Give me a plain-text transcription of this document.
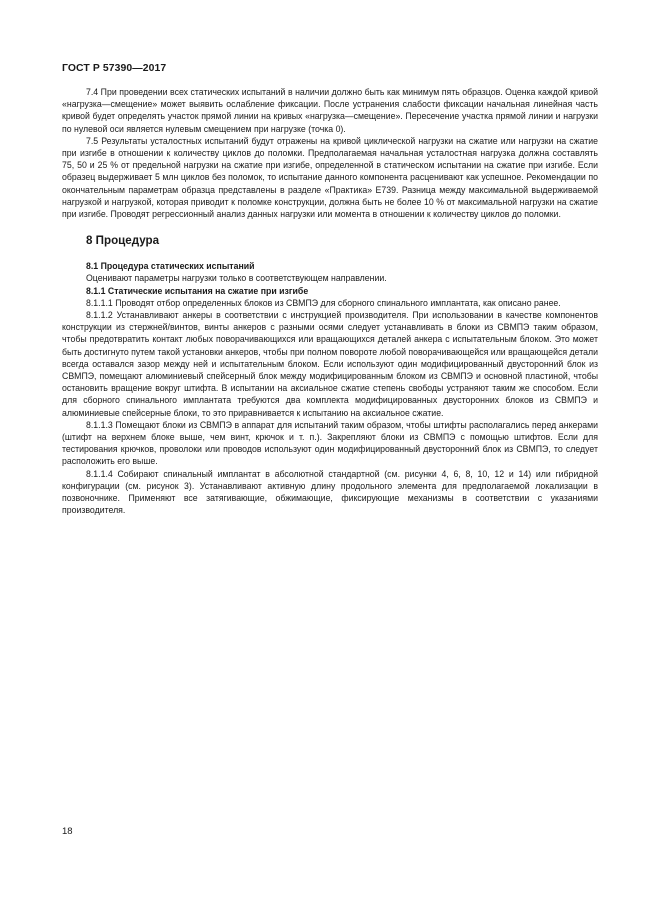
ГОСТ Р 57390—2017

7.4 При проведении всех статических испытаний в наличии должно быть как минимум пять образцов. Оценка каждой кривой «нагрузка—смещение» может выявить ослабление фиксации. После устранения слабости фиксации начальная линейная часть кривой будет определять участок прямой линии на кривых «нагрузка—смещение». Пересечение участка прямой линии и нагрузки по нулевой оси является нулевым смещением при нагрузке (точка 0).

7.5 Результаты усталостных испытаний будут отражены на кривой циклической нагрузки на сжатие или нагрузки на сжатие при изгибе в отношении к количеству циклов до поломки. Предполагаемая начальная усталостная нагрузка должна составлять 75, 50 и 25 % от предельной нагрузки на сжатие при изгибе, определенной в статическом испытании на сжатие при изгибе. Если образец выдерживает 5 млн циклов без поломок, то испытание данного компонента расценивают как успешное. Рекомендации по окончательным параметрам образца представлены в разделе «Практика» E739. Разница между максимальной выдерживаемой нагрузкой и нагрузкой, которая приводит к поломке конструкции, должна быть не более 10 % от максимальной нагрузки на сжатие при изгибе. Проводят регрессионный анализ данных нагрузки или момента в отношении к количеству циклов до поломки.

8 Процедура

8.1 Процедура статических испытаний

Оценивают параметры нагрузки только в соответствующем направлении.

8.1.1 Статические испытания на сжатие при изгибе

8.1.1.1 Проводят отбор определенных блоков из СВМПЭ для сборного спинального имплантата, как описано ранее.

8.1.1.2 Устанавливают анкеры в соответствии с инструкцией производителя. При использовании в качестве компонентов конструкции из стержней/винтов, винты анкеров с разными осями следует устанавливать в блоки из СВМПЭ таким образом, чтобы предотвратить контакт любых поворачивающихся или вращающихся деталей анкера с испытательным блоком. Это может быть достигнуто путем такой установки анкеров, чтобы при полном повороте любой поворачивающейся или вращающейся детали всегда оставался зазор между ней и испытательным блоком. Если используют один модифицированный двусторонний блок из СВМПЭ, помещают алюминиевый спейсерный блок между модифицированным блоком из СВМПЭ и основной пластиной, чтобы остановить вращение вокруг штифта. В испытании на аксиальное сжатие степень свободы устраняют таким же способом. Если для сборного спинального имплантата требуются два комплекта модифицированных двусторонних блоков из СВМПЭ и алюминиевые спейсерные блоки, то это приравнивается к испытанию на аксиальное сжатие.

8.1.1.3 Помещают блоки из СВМПЭ в аппарат для испытаний таким образом, чтобы штифты располагались перед анкерами (штифт на верхнем блоке выше, чем винт, крючок и т. п.). Закрепляют блоки из СВМПЭ с помощью штифтов. Если для тестирования крючков, проволоки или проводов используют один модифицированный двусторонний блок из СВМПЭ, то следует расположить его выше.

8.1.1.4 Собирают спинальный имплантат в абсолютной стандартной (см. рисунки 4, 6, 8, 10, 12 и 14) или гибридной конфигурации (см. рисунок 3). Устанавливают активную длину продольного элемента для предполагаемой локализации в позвоночнике. Применяют все затягивающие, обжимающие, фиксирующие механизмы в соответствии с указаниями производителя.

18
